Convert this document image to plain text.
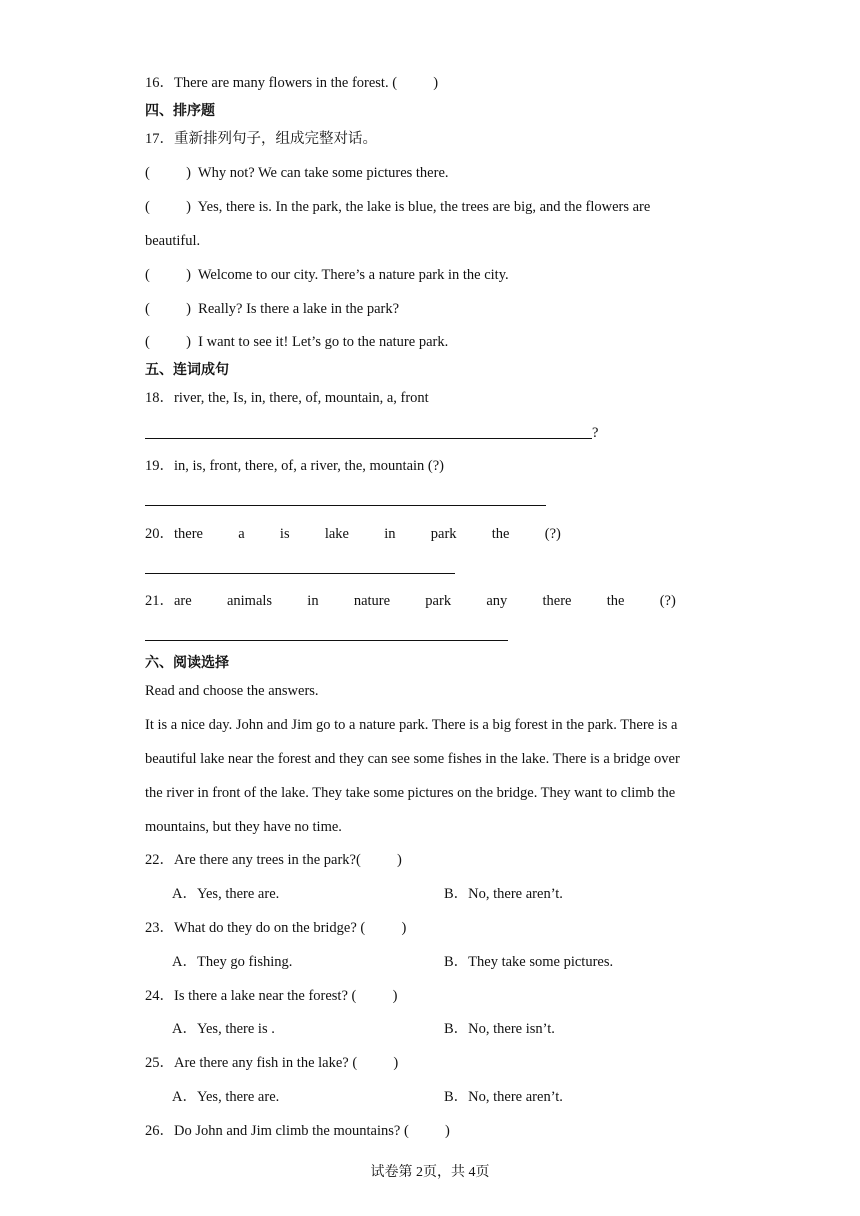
16．There are many flowers in the forest. (          )
四、排序题
17．重新排列句子，组成完整对话。
(          )  Why not? We can take some pictures there.
(          )  Yes, there is. In the park, the lake is blue, the trees are big, and the flowers are
beautiful.
(          )  Welcome to our city. There’s a nature park in the city.
(          )  Really? Is there a lake in the park?
(          )  I want to see it! Let’s go to the nature park.
五、连词成句
18．river, the, Is, in, there, of, mountain, a, front
?
19．in, is, front, there, of, a river, the, mountain (?)
20．there  a  is  lake  in  park  the  (?)
21．are  animals  in  nature  park  any  there  the  (?)
六、阅读选择
Read and choose the answers.
It is a nice day. John and Jim go to a nature park. There is a big forest in the park. There is a
beautiful lake near the forest and they can see some fishes in the lake. There is a bridge over
the river in front of the lake. They take some pictures on the bridge. They want to climb the
mountains, but they have no time.
22．Are there any trees in the park?(          )
A．Yes, there are.	B．No, there aren’t.
23．What do they do on the bridge? (          )
A．They go fishing.	B．They take some pictures.
24．Is there a lake near the forest? (          )
A．Yes, there is .	B．No, there isn’t.
25．Are there any fish in the lake? (          )
A．Yes, there are.	B．No, there aren’t.
26．Do John and Jim climb the mountains? (          )
试卷第 2页，共 4页
